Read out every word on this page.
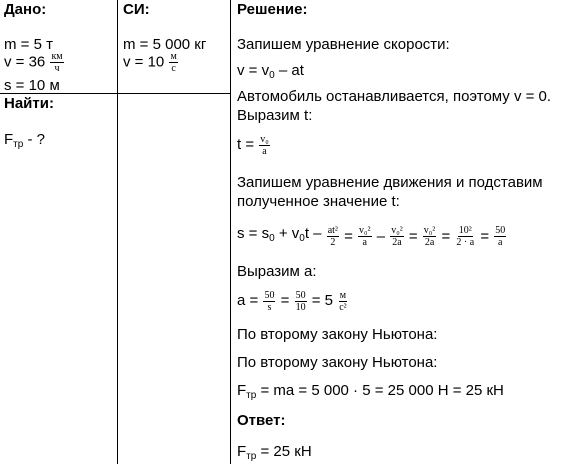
Дано:
m = 5 т
$v = 36 \frac{км}{ч}$
s = 10 м
Найти:
$F_{тр}$ - ?
СИ:
m = 5 000 кг
$v = 10 \frac{м}{с}$
Решение:
Запишем уравнение скорости:
$v = v_0$ – at
Автомобиль останавливается, поэтому v = 0.
Выразим t:
$t = \frac{\text{v₀}}{a}$
Запишем уравнение движения и подставим
полученное значение t:
$s = s_0 + v_0t - \frac{\text{at²}}{2} = \frac{\text{v₀²}}{a} - \frac{\text{v₀²}}{2a} = \frac{\text{v₀²}}{2a} = \frac{\text{10²}}{2 \cdot a} = \frac{50}{a}$
Выразим a:
$a = \frac{50}{s} = \frac{50}{10} = 5 \frac{м}{\text{с²}}$
По второму закону Ньютона:
По второму закону Ньютона:
$F_{тр}$ = ma = 5 000 · 5 = 25 000 Н = 25 кН
Ответ:
$F_{тр} = 25$ кН
